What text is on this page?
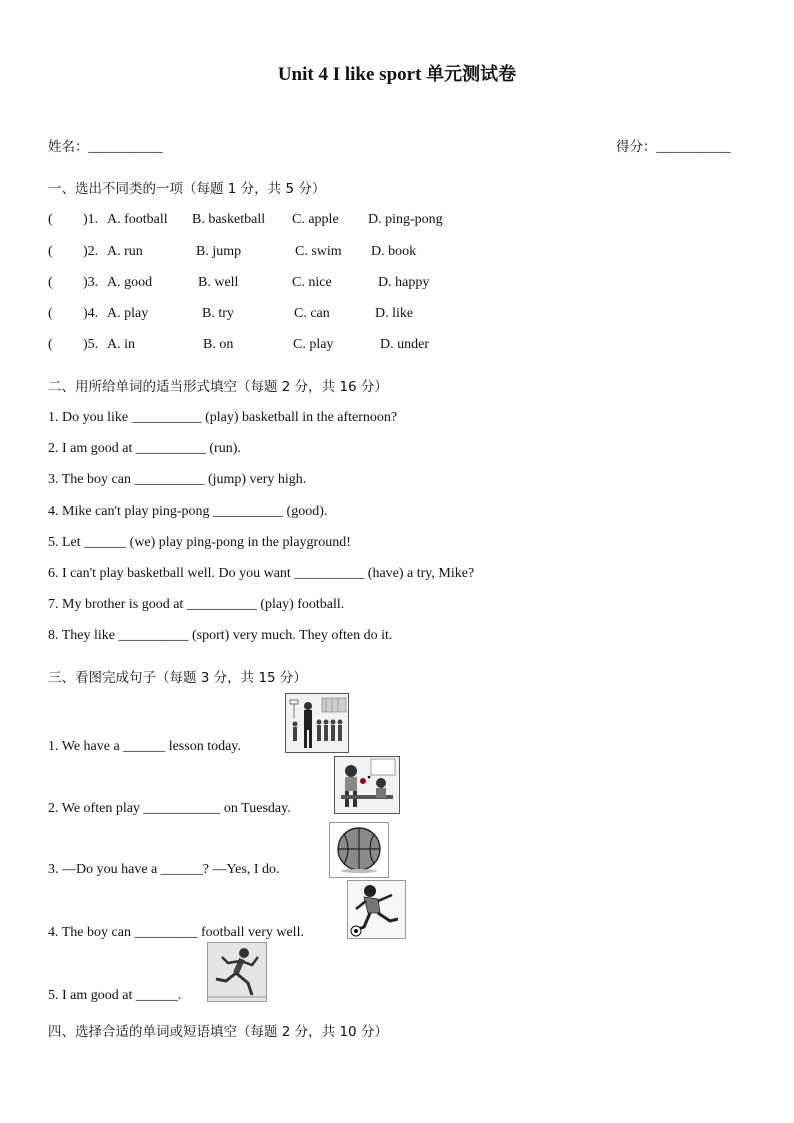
Unit 4 I like sport 单元测试卷
姓名：___________	得分：___________
一、选出不同类的一项（每题 1 分，共 5 分）
( )1. A. football B. basketball C. apple D. ping-pong
( )2. A. run	B. jump	C. swim D. book
( )3. A. good	B. well	C. nice	D. happy
( )4. A. play	B. try	C. can	D. like
( )5. A. in	B. on	C. play	D. under
二、用所给单词的适当形式填空（每题 2 分，共 16 分）
1. Do you like __________ (play) basketball in the afternoon?
2. I am good at __________ (run).
3. The boy can __________ (jump) very high.
4. Mike can't play ping-pong __________ (good).
5. Let ______ (we) play ping-pong in the playground!
6. I can't play basketball well. Do you want __________ (have) a try, Mike?
7. My brother is good at __________ (play) football.
8. They like __________ (sport) very much. They often do it.
三、看图完成句子（每题 3 分，共 15 分）
1. We have a ______ lesson today.
2. We often play ___________ on Tuesday.
3. —Do you have a ______? —Yes, I do.
4. The boy can _________ football very well.
5. I am good at ______.
四、选择合适的单词或短语填空（每题 2 分，共 10 分）
